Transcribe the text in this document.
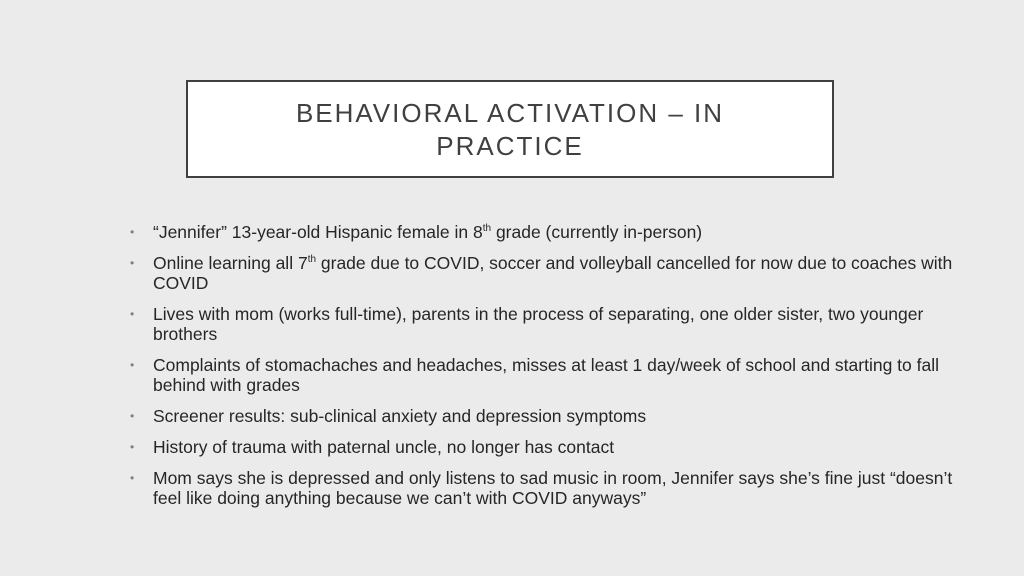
BEHAVIORAL ACTIVATION – IN
PRACTICE
• “Jennifer” 13-year-old Hispanic female in 8th grade (currently in-person)
• Online learning all 7th grade due to COVID, soccer and volleyball cancelled for now due to coaches with COVID
• Lives with mom (works full-time), parents in the process of separating, one older sister, two younger brothers
• Complaints of stomachaches and headaches, misses at least 1 day/week of school and starting to fall behind with grades
• Screener results: sub-clinical anxiety and depression symptoms
• History of trauma with paternal uncle, no longer has contact
• Mom says she is depressed and only listens to sad music in room, Jennifer says she’s fine just “doesn’t feel like doing anything because we can’t with COVID anyways”
